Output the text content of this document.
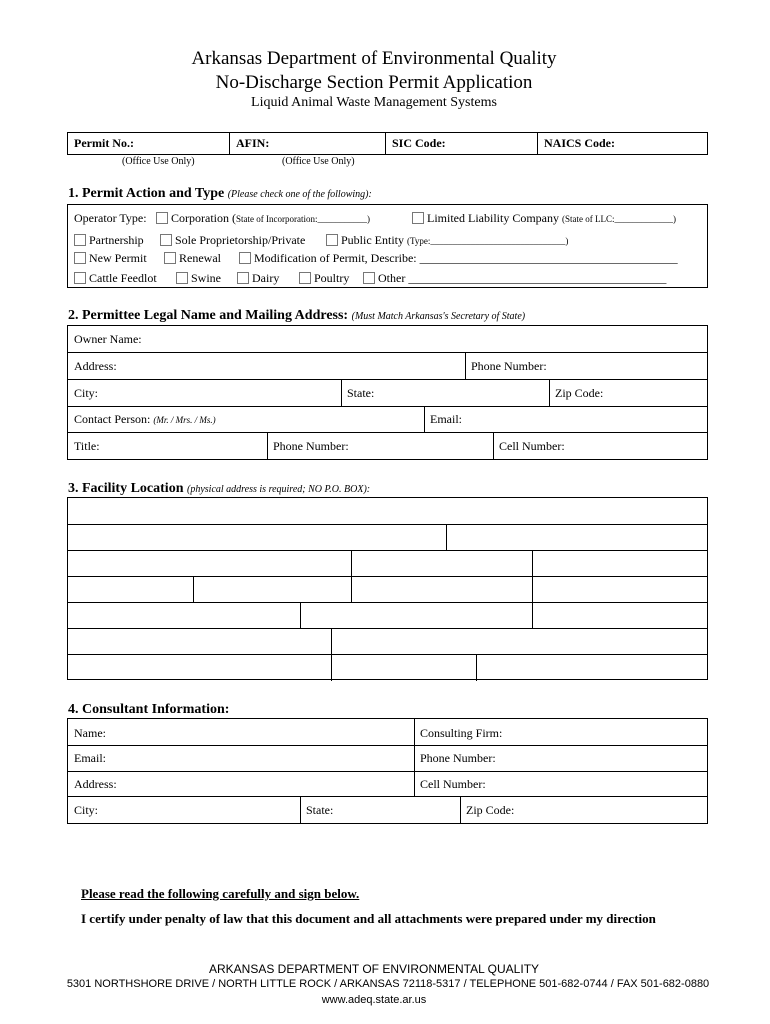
Arkansas Department of Environmental Quality
No-Discharge Section Permit Application
Liquid Animal Waste Management Systems
Permit No.:	AFIN:	SIC Code:	NAICS Code:
(Office Use Only)	(Office Use Only)
1. Permit Action and Type (Please check one of the following):
Operator Type:	Corporation (State of Incorporation:___________)	Limited Liability Company (State of LLC:_____________)
Partnership	Sole Proprietorship/Private	Public Entity (Type:______________________________)
New Permit	Renewal	Modification of Permit, Describe: ___________________________________________
Cattle Feedlot	Swine	Dairy	Poultry	Other ___________________________________________
2. Permittee Legal Name and Mailing Address: (Must Match Arkansas's Secretary of State)
Owner Name:
Address:	Phone Number:
City:	State:	Zip Code:
Contact Person: (Mr. / Mrs. / Ms.)	Email:
Title:	Phone Number:	Cell Number:
3. Facility Location (physical address is required; NO P.O. BOX):
4. Consultant Information:
Name:	Consulting Firm:
Email:	Phone Number:
Address:	Cell Number:
City:	State:	Zip Code:
Please read the following carefully and sign below.
I certify under penalty of law that this document and all attachments were prepared under my direction
ARKANSAS DEPARTMENT OF ENVIRONMENTAL QUALITY
5301 NORTHSHORE DRIVE / NORTH LITTLE ROCK / ARKANSAS 72118-5317 / TELEPHONE 501-682-0744 / FAX 501-682-0880
www.adeq.state.ar.us
